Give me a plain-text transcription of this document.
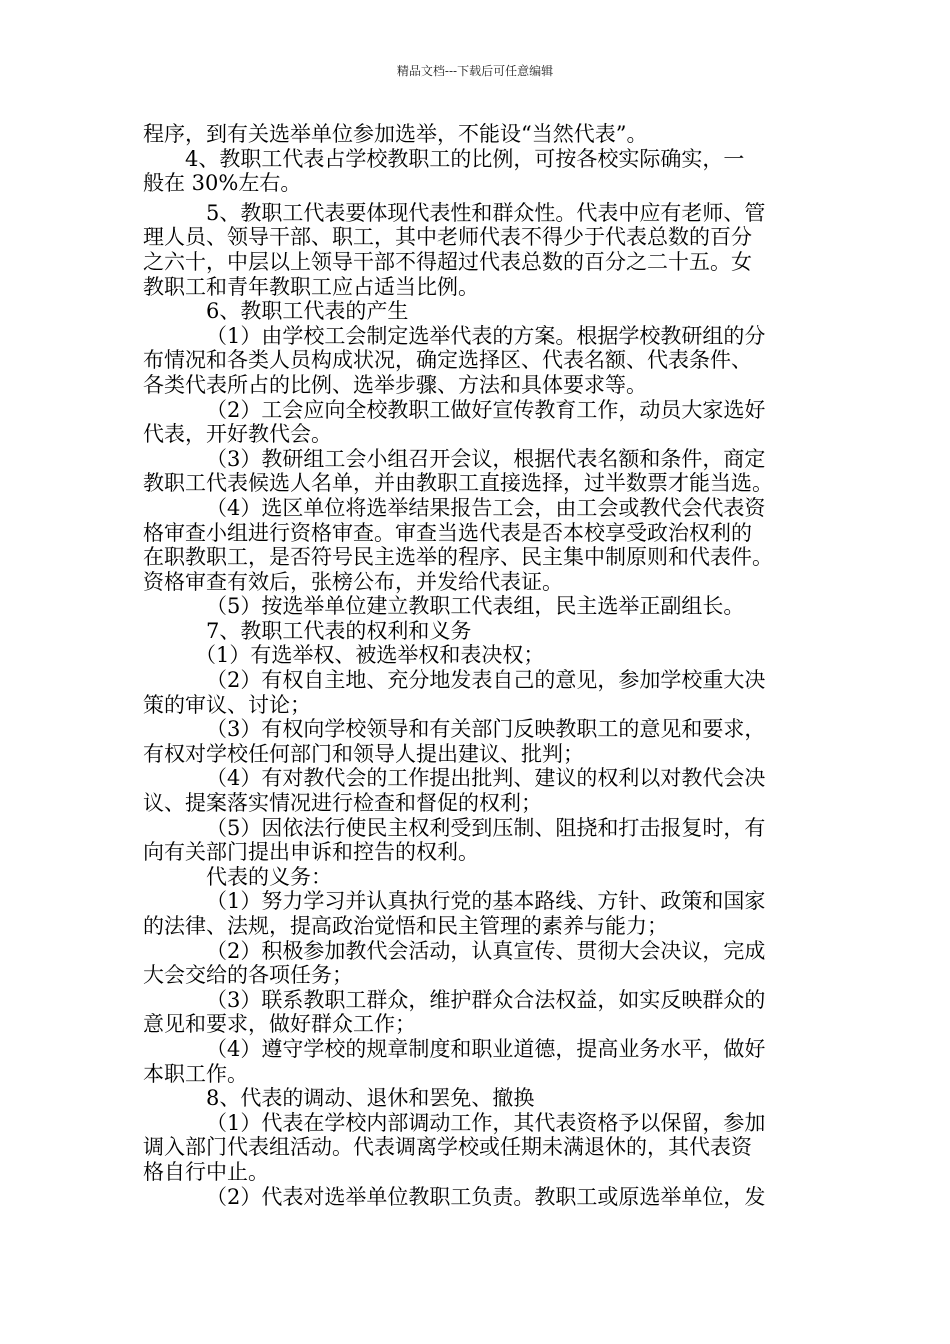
精品文档---下载后可任意编辑
程序，到有关选举单位参加选举，不能设“当然代表”。
4、教职工代表占学校教职工的比例，可按各校实际确实，一
般在 30%左右。
5、教职工代表要体现代表性和群众性。代表中应有老师、管
理人员、领导干部、职工，其中老师代表不得少于代表总数的百分
之六十，中层以上领导干部不得超过代表总数的百分之二十五。女
教职工和青年教职工应占适当比例。
6、教职工代表的产生
（1）由学校工会制定选举代表的方案。根据学校教研组的分
布情况和各类人员构成状况，确定选择区、代表名额、代表条件、
各类代表所占的比例、选举步骤、方法和具体要求等。
（2）工会应向全校教职工做好宣传教育工作，动员大家选好
代表，开好教代会。
（3）教研组工会小组召开会议，根据代表名额和条件，商定
教职工代表候选人名单，并由教职工直接选择，过半数票才能当选。
（4）选区单位将选举结果报告工会，由工会或教代会代表资
格审查小组进行资格审查。审查当选代表是否本校享受政治权利的
在职教职工，是否符号民主选举的程序、民主集中制原则和代表件。
资格审查有效后，张榜公布，并发给代表证。
（5）按选举单位建立教职工代表组，民主选举正副组长。
7、教职工代表的权利和义务
（1）有选举权、被选举权和表决权；
（2）有权自主地、充分地发表自己的意见，参加学校重大决
策的审议、讨论；
（3）有权向学校领导和有关部门反映教职工的意见和要求，
有权对学校任何部门和领导人提出建议、批判；
（4）有对教代会的工作提出批判、建议的权利以对教代会决
议、提案落实情况进行检查和督促的权利；
（5）因依法行使民主权利受到压制、阻挠和打击报复时，有
向有关部门提出申诉和控告的权利。
代表的义务：
（1）努力学习并认真执行党的基本路线、方针、政策和国家
的法律、法规，提高政治觉悟和民主管理的素养与能力；
（2）积极参加教代会活动，认真宣传、贯彻大会决议，完成
大会交给的各项任务；
（3）联系教职工群众，维护群众合法权益，如实反映群众的
意见和要求，做好群众工作；
（4）遵守学校的规章制度和职业道德，提高业务水平，做好
本职工作。
8、代表的调动、退休和罢免、撤换
（1）代表在学校内部调动工作，其代表资格予以保留，参加
调入部门代表组活动。代表调离学校或任期未满退休的，其代表资
格自行中止。
（2）代表对选举单位教职工负责。教职工或原选举单位，发
